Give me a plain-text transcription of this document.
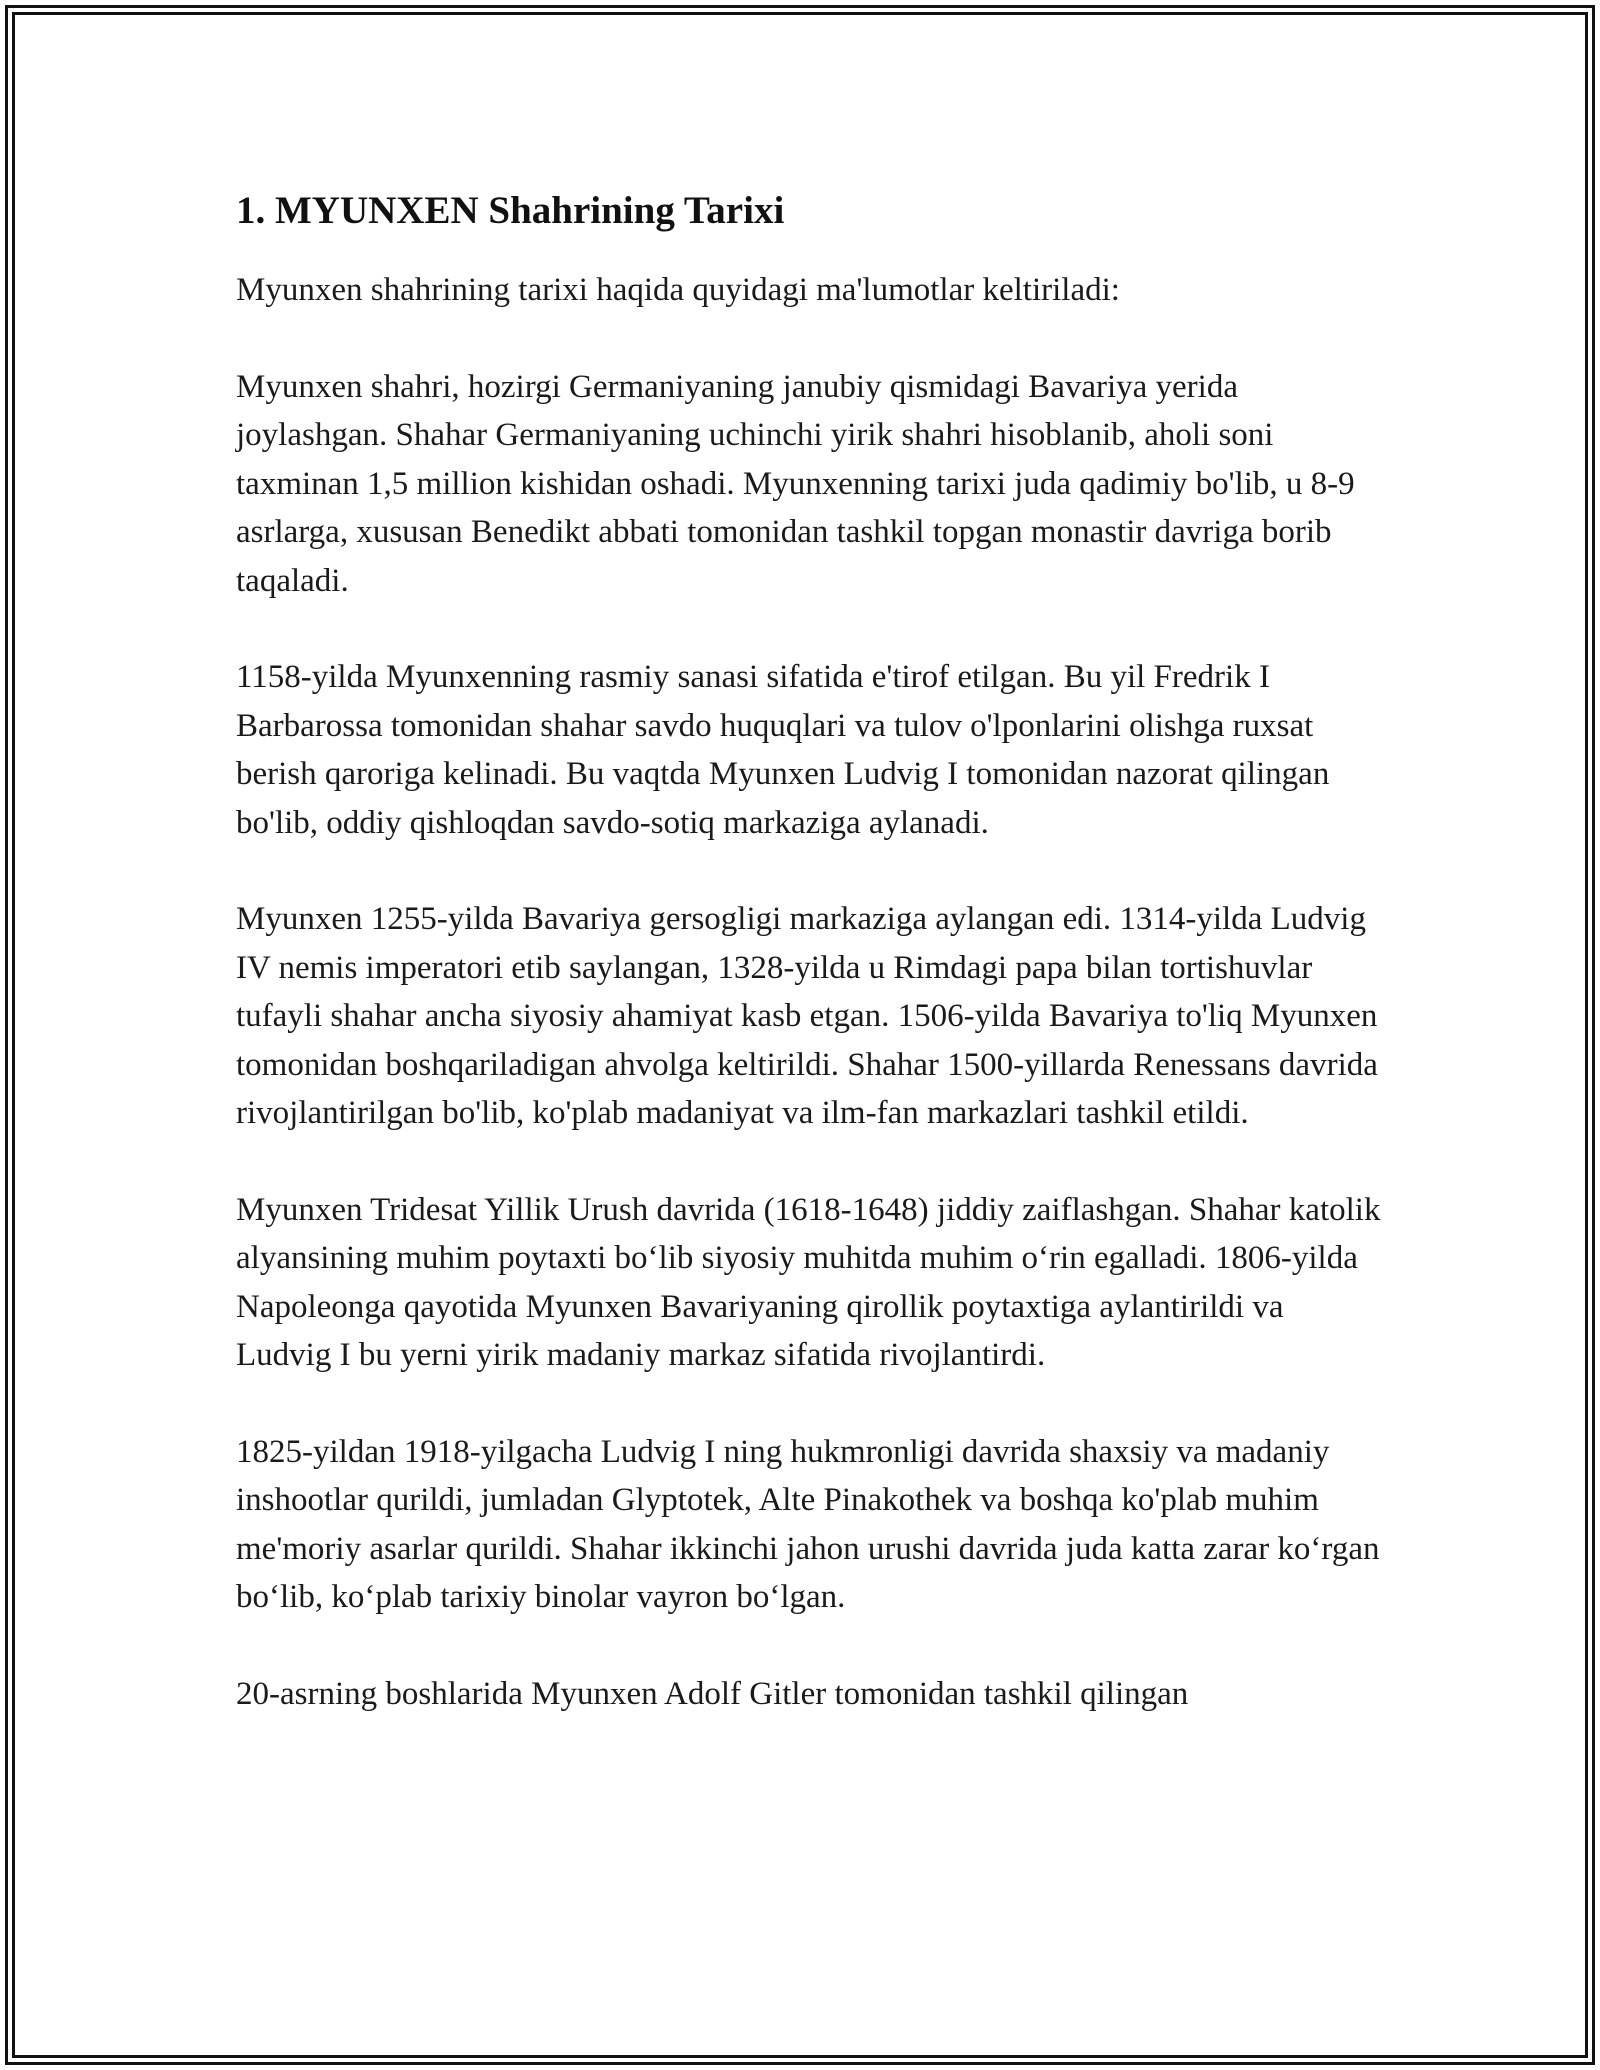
1. MYUNXEN Shahrining Tarixi

Myunxen shahrining tarixi haqida quyidagi ma'lumotlar keltiriladi:

Myunxen shahri, hozirgi Germaniyaning janubiy qismidagi Bavariya yerida joylashgan. Shahar Germaniyaning uchinchi yirik shahri hisoblanib, aholi soni taxminan 1,5 million kishidan oshadi. Myunxenning tarixi juda qadimiy bo'lib, u 8-9 asrlarga, xususan Benedikt abbati tomonidan tashkil topgan monastir davriga borib taqaladi.

1158-yilda Myunxenning rasmiy sanasi sifatida e'tirof etilgan. Bu yil Fredrik I Barbarossa tomonidan shahar savdo huquqlari va tulov o'lponlarini olishga ruxsat berish qaroriga kelinadi. Bu vaqtda Myunxen Ludvig I tomonidan nazorat qilingan bo'lib, oddiy qishloqdan savdo-sotiq markaziga aylanadi.

Myunxen 1255-yilda Bavariya gersogligi markaziga aylangan edi. 1314-yilda Ludvig IV nemis imperatori etib saylangan, 1328-yilda u Rimdagi papa bilan tortishuvlar tufayli shahar ancha siyosiy ahamiyat kasb etgan. 1506-yilda Bavariya to'liq Myunxen tomonidan boshqariladigan ahvolga keltirildi. Shahar 1500-yillarda Renessans davrida rivojlantirilgan bo'lib, ko'plab madaniyat va ilm-fan markazlari tashkil etildi.

Myunxen Tridesat Yillik Urush davrida (1618-1648) jiddiy zaiflashgan. Shahar katolik alyansining muhim poytaxti bo‘lib siyosiy muhitda muhim o‘rin egalladi. 1806-yilda Napoleonga qayotida Myunxen Bavariyaning qirollik poytaxtiga aylantirildi va Ludvig I bu yerni yirik madaniy markaz sifatida rivojlantirdi.

1825-yildan 1918-yilgacha Ludvig I ning hukmronligi davrida shaxsiy va madaniy inshootlar qurildi, jumladan Glyptotek, Alte Pinakothek va boshqa ko'plab muhim me'moriy asarlar qurildi. Shahar ikkinchi jahon urushi davrida juda katta zarar ko‘rgan bo‘lib, ko‘plab tarixiy binolar vayron bo‘lgan.

20-asrning boshlarida Myunxen Adolf Gitler tomonidan tashkil qilingan
